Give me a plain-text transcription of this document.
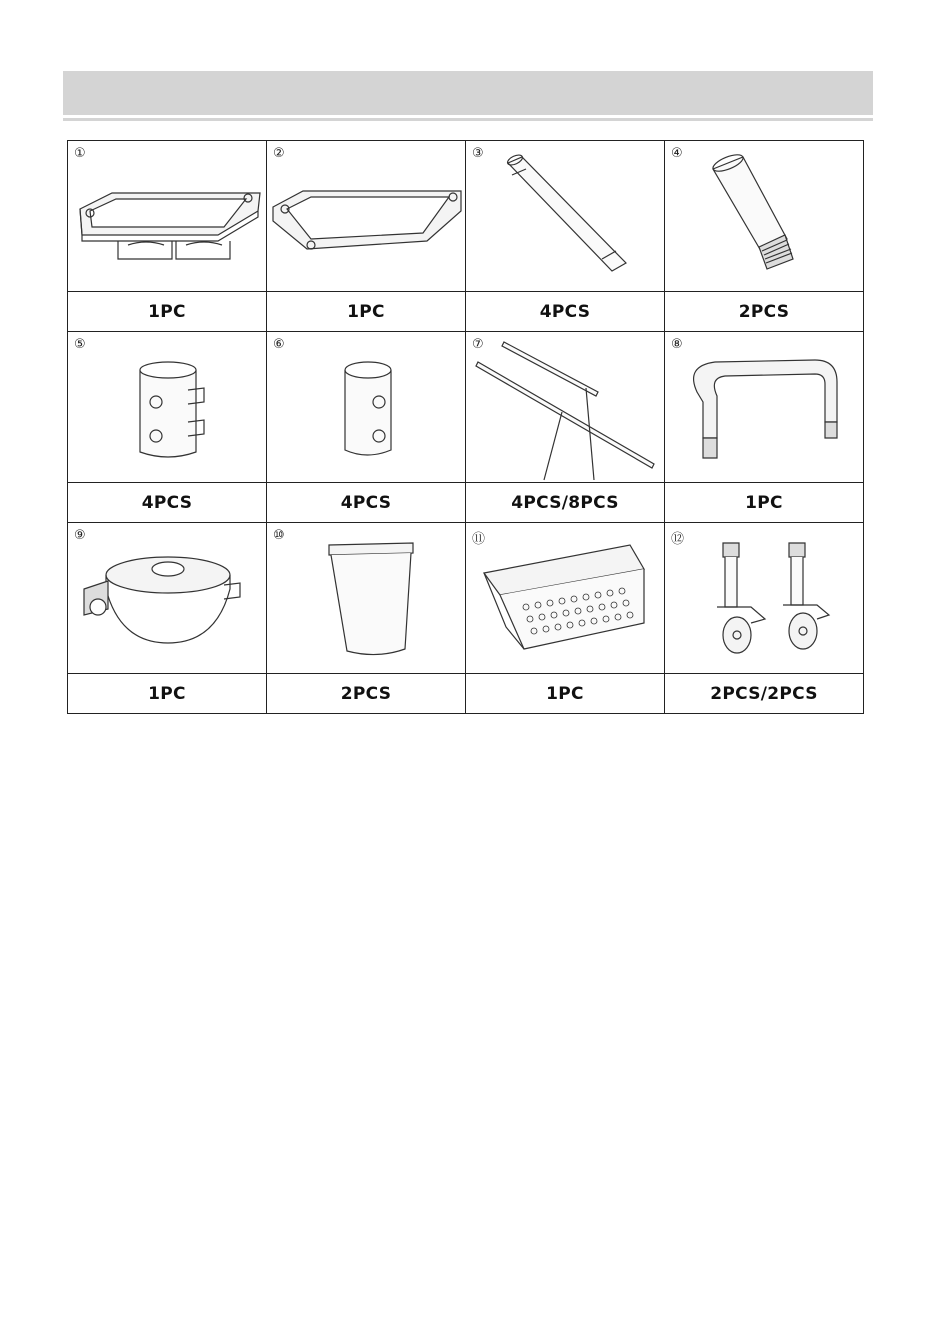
①	②	③	④

1PC	1PC	4PCS	2PCS

⑤	⑥	⑦	⑧

4PCS	4PCS	4PCS/8PCS	1PC

⑨	⑩	⑪	⑫

1PC	2PCS	1PC	2PCS/2PCS
